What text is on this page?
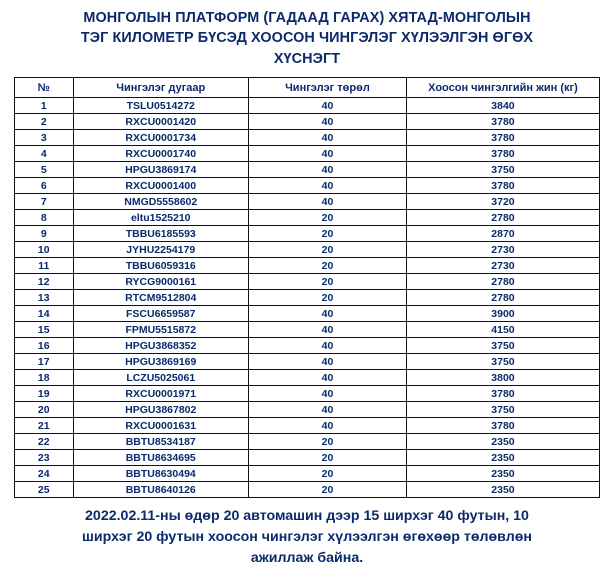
МОНГОЛЫН ПЛАТФОРМ (ГАДААД ГАРАХ) ХЯТАД-МОНГОЛЫН
ТЭГ КИЛОМЕТР БҮСЭД ХООСОН ЧИНГЭЛЭГ ХҮЛЭЭЛГЭН ӨГӨХ
ХҮСНЭГТ
№	Чингэлэг дугаар	Чингэлэг төрөл	Хоосон чингэлгийн жин (кг)
1	TSLU0514272	40	3840
2	RXCU0001420	40	3780
3	RXCU0001734	40	3780
4	RXCU0001740	40	3780
5	HPGU3869174	40	3750
6	RXCU0001400	40	3780
7	NMGD5558602	40	3720
8	eltu1525210	20	2780
9	TBBU6185593	20	2870
10	JYHU2254179	20	2730
11	TBBU6059316	20	2730
12	RYCG9000161	20	2780
13	RTCM9512804	20	2780
14	FSCU6659587	40	3900
15	FPMU5515872	40	4150
16	HPGU3868352	40	3750
17	HPGU3869169	40	3750
18	LCZU5025061	40	3800
19	RXCU0001971	40	3780
20	HPGU3867802	40	3750
21	RXCU0001631	40	3780
22	BBTU8534187	20	2350
23	BBTU8634695	20	2350
24	BBTU8630494	20	2350
25	BBTU8640126	20	2350
2022.02.11-ны өдөр 20 автомашин дээр 15 ширхэг 40 футын, 10
ширхэг 20 футын хоосон чингэлэг хүлээлгэн өгөхөөр төлөвлөн
ажиллаж байна.
